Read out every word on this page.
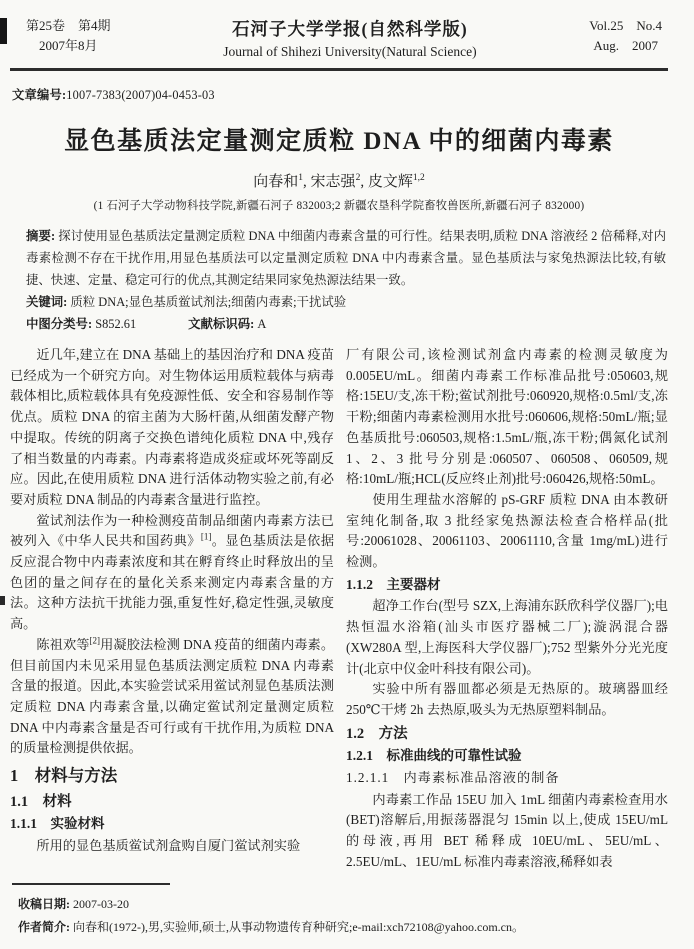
第25卷　第4期
2007年8月
石河子大学学报(自然科学版)
Journal of Shihezi University(Natural Science)
Vol.25　No.4
Aug.　2007
文章编号:1007-7383(2007)04-0453-03
显色基质法定量测定质粒 DNA 中的细菌内毒素
向春和$^1$, 宋志强$^2$, 皮文辉$^{1,2}$
(1 石河子大学动物科技学院,新疆石河子 832003;2 新疆农垦科学院畜牧兽医所,新疆石河子 832000)

摘要: 探讨使用显色基质法定量测定质粒 DNA 中细菌内毒素含量的可行性。结果表明,质粒 DNA 溶液经 2 倍稀释,对内毒素检测不存在干扰作用,用显色基质法可以定量测定质粒 DNA 中内毒素含量。显色基质法与家兔热源法比较,有敏捷、快速、定量、稳定可行的优点,其测定结果同家兔热源法结果一致。

关键词: 质粒 DNA;显色基质鲎试剂法;细菌内毒素;干扰试验

中图分类号: S852.61	文献标识码: A

近几年,建立在 DNA 基础上的基因治疗和 DNA 疫苗已经成为一个研究方向。对生物体运用质粒载体与病毒载体相比,质粒载体具有免疫源性低、安全和容易制作等优点。质粒 DNA 的宿主菌为大肠杆菌,从细菌发酵产物中提取。传统的阴离子交换色谱纯化质粒 DNA 中,残存了相当数量的内毒素。内毒素将造成炎症或坏死等副反应。因此,在使用质粒 DNA 进行活体动物实验之前,有必要对质粒 DNA 制品的内毒素含量进行监控。

鲎试剂法作为一种检测疫苗制品细菌内毒素方法已被列入《中华人民共和国药典》[1]。显色基质法是依据反应混合物中内毒素浓度和其在孵育终止时释放出的呈色团的量之间存在的量化关系来测定内毒素含量的方法。这种方法抗干扰能力强,重复性好,稳定性强,灵敏度高。

陈祖欢等[2]用凝胶法检测 DNA 疫苗的细菌内毒素。但目前国内未见采用显色基质法测定质粒 DNA 内毒素含量的报道。因此,本实验尝试采用鲎试剂显色基质法测定质粒 DNA 内毒素含量,以确定鲎试剂定量测定质粒 DNA 中内毒素含量是否可行或有干扰作用,为质粒 DNA 的质量检测提供依据。

1　材料与方法
1.1　材料
1.1.1　实验材料

所用的显色基质鲎试剂盒购自厦门鲎试剂实验

厂有限公司,该检测试剂盒内毒素的检测灵敏度为 0.005EU/mL。细菌内毒素工作标准品批号:050603,规格:15EU/支,冻干粉;鲎试剂批号:060920,规格:0.5ml/支,冻干粉;细菌内毒素检测用水批号:060606,规格:50mL/瓶;显色基质批号:060503,规格:1.5mL/瓶,冻干粉;偶氮化试剂 1、2、3 批号分别是:060507、060508、060509,规格:10mL/瓶;HCL(反应终止剂)批号:060426,规格:50mL。

使用生理盐水溶解的 pS-GRF 质粒 DNA 由本教研室纯化制备,取 3 批经家兔热源法检查合格样品(批号:20061028、20061103、20061110,含量 1mg/mL)进行检测。

1.1.2　主要器材

超净工作台(型号 SZX,上海浦东跃欣科学仪器厂);电热恒温水浴箱(汕头市医疗器械二厂);漩涡混合器(XW280A 型,上海医科大学仪器厂);752 型紫外分光光度计(北京中仪金叶科技有限公司)。

实验中所有器皿都必须是无热原的。玻璃器皿经 250℃干烤 2h 去热原,吸头为无热原塑料制品。

1.2　方法
1.2.1　标准曲线的可靠性试验
1.2.1.1　内毒素标准品溶液的制备

内毒素工作品 15EU 加入 1mL 细菌内毒素检查用水(BET)溶解后,用振荡器混匀 15min 以上,使成 15EU/mL 的母液,再用 BET 稀释成 10EU/mL、5EU/mL、2.5EU/mL、1EU/mL 标准内毒素溶液,稀释如表

收稿日期: 2007-03-20

作者简介: 向春和(1972-),男,实验师,硕士,从事动物遗传育种研究;e-mail:xch72108@yahoo.com.cn。
